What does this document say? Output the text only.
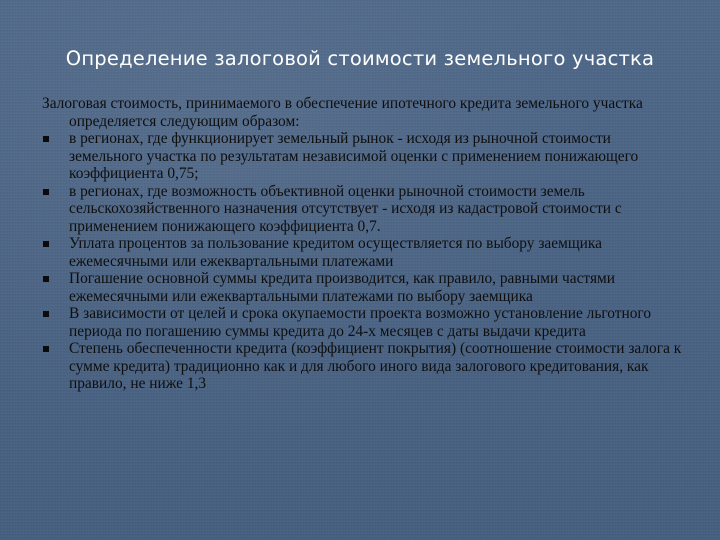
Определение залоговой стоимости земельного участка

Залоговая стоимость, принимаемого в обеспечение ипотечного кредита земельного участка определяется следующим образом:

в регионах, где функционирует земельный рынок - исходя из рыночной стоимости земельного участка по результатам независимой оценки с применением понижающего коэффициента 0,75;
в регионах, где возможность объективной оценки рыночной стоимости земель сельскохозяйственного назначения отсутствует - исходя из кадастровой стоимости с применением понижающего коэффициента 0,7.
Уплата процентов за пользование кредитом осуществляется по выбору заемщика ежемесячными или ежеквартальными платежами
Погашение основной суммы кредита производится, как правило, равными частями ежемесячными или ежеквартальными платежами по выбору заемщика
В зависимости от целей и срока окупаемости проекта возможно установление льготного периода по погашению суммы кредита до 24-х месяцев с даты выдачи кредита
Степень обеспеченности кредита (коэффициент покрытия) (соотношение стоимости залога к сумме кредита) традиционно как и для любого иного вида залогового кредитования, как правило, не ниже 1,3
